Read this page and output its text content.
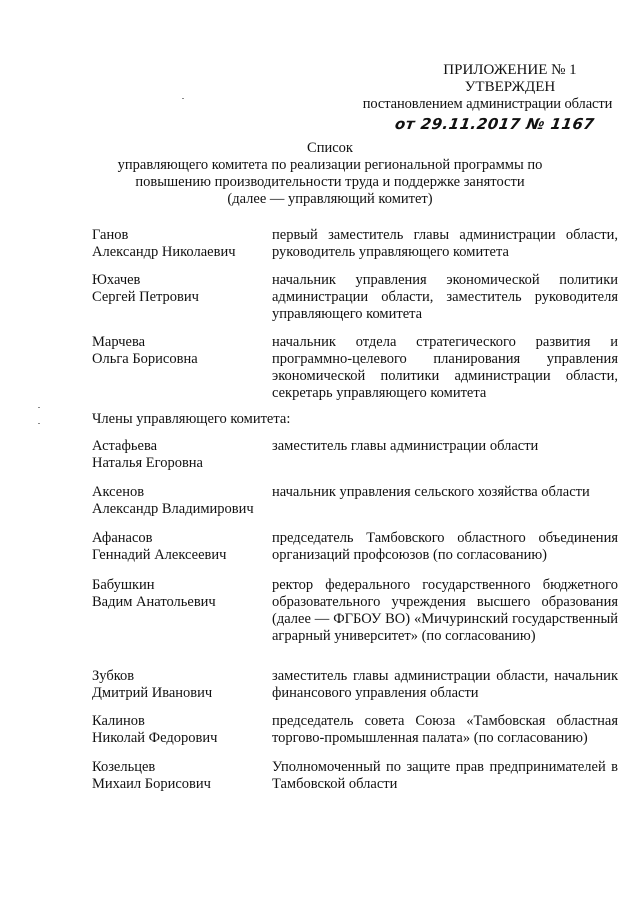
ПРИЛОЖЕНИЕ № 1
УТВЕРЖДЕН
постановлением администрации области
от 29.11.2017 № 1167
Список
управляющего комитета по реализации региональной программы по
повышению производительности труда и поддержке занятости
(далее — управляющий комитет)
Ганов
Александр Николаевич
первый заместитель главы администрации области, руководитель управляющего комитета
Юхачев
Сергей Петрович
начальник управления экономической политики администрации области, заместитель руководителя управляющего комитета
Марчева
Ольга Борисовна
начальник отдела стратегического развития и программно-целевого планирования управления экономической политики администрации области, секретарь управляющего комитета
Члены управляющего комитета:
Астафьева
Наталья Егоровна
заместитель главы администрации области
Аксенов
Александр Владимирович
начальник управления сельского хозяйства области
Афанасов
Геннадий Алексеевич
председатель Тамбовского областного объединения организаций профсоюзов (по согласованию)
Бабушкин
Вадим Анатольевич
ректор федерального государственного бюджетного образовательного учреждения высшего образования (далее — ФГБОУ ВО) «Мичуринский государственный аграрный университет» (по согласованию)
Зубков
Дмитрий Иванович
заместитель главы администрации области, начальник финансового управления области
Калинов
Николай Федорович
председатель совета Союза «Тамбовская областная торгово-промышленная палата» (по согласованию)
Козельцев
Михаил Борисович
Уполномоченный по защите прав предпринимателей в Тамбовской области
